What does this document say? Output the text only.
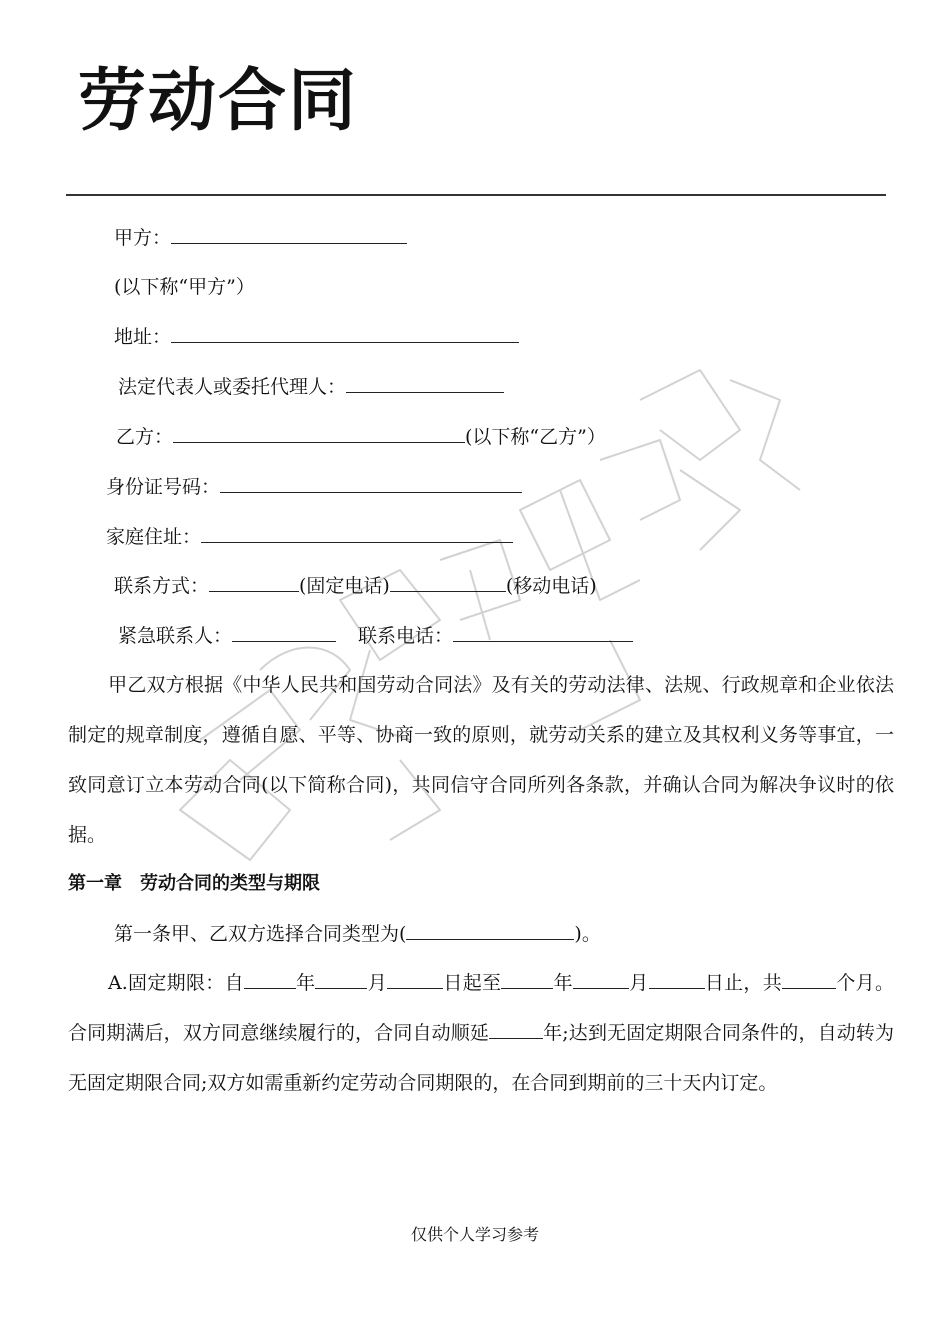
劳动合同
甲方：
(以下称“甲方”）
地址：
法定代表人或委托代理人：
乙方：	(以下称“乙方”）
身份证号码：
家庭住址：
联系方式：	(固定电话)	(移动电话)
紧急联系人：	联系电话：

甲乙双方根据《中华人民共和国劳动合同法》及有关的劳动法律、法规、行政规章和企业依法制定的规章制度，遵循自愿、平等、协商一致的原则，就劳动关系的建立及其权利义务等事宜，一致同意订立本劳动合同(以下简称合同)，共同信守合同所列各条款，并确认合同为解决争议时的依据。

第一章　劳动合同的类型与期限
第一条甲、乙双方选择合同类型为(	)。

A.固定期限：自	年	月	日起至	年	月	日止，共	个月。合同期满后，双方同意继续履行的，合同自动顺延	年;达到无固定期限合同条件的，自动转为无固定期限合同;双方如需重新约定劳动合同期限的，在合同到期前的三十天内订定。

仅供个人学习参考
